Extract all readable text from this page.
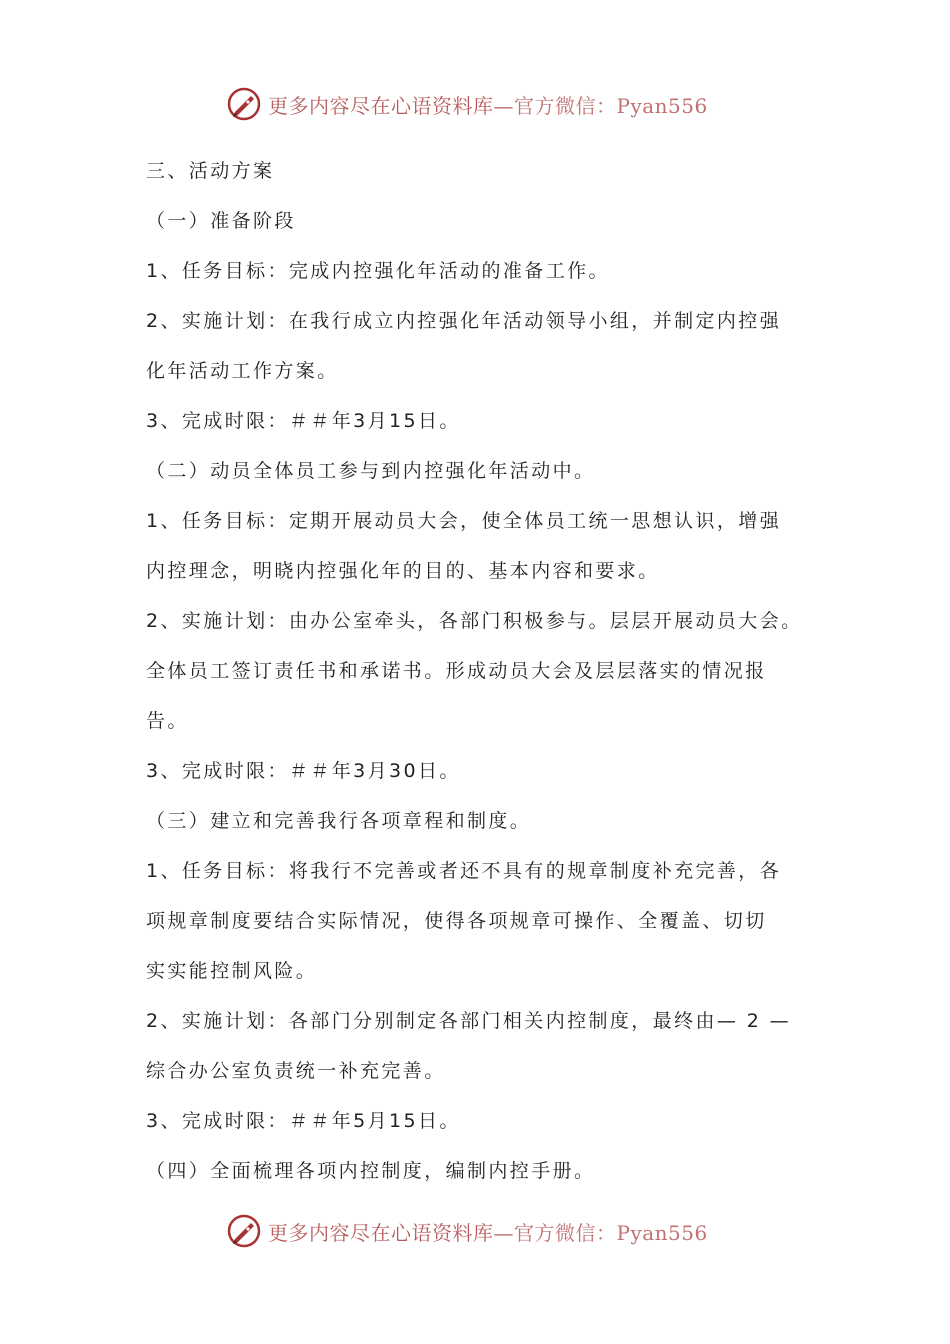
更多内容尽在心语资料库—官方微信：Pyan556
三、活动方案
（一）准备阶段
1、任务目标：完成内控强化年活动的准备工作。
2、实施计划：在我行成立内控强化年活动领导小组，并制定内控强
化年活动工作方案。
3、完成时限：＃＃年3月15日。
（二）动员全体员工参与到内控强化年活动中。
1、任务目标：定期开展动员大会，使全体员工统一思想认识，增强
内控理念，明晓内控强化年的目的、基本内容和要求。
2、实施计划：由办公室牵头，各部门积极参与。层层开展动员大会。
全体员工签订责任书和承诺书。形成动员大会及层层落实的情况报
告。
3、完成时限：＃＃年3月30日。
（三）建立和完善我行各项章程和制度。
1、任务目标：将我行不完善或者还不具有的规章制度补充完善，各
项规章制度要结合实际情况，使得各项规章可操作、全覆盖、切切
实实能控制风险。
2、实施计划：各部门分别制定各部门相关内控制度，最终由— 2 —
综合办公室负责统一补充完善。
3、完成时限：＃＃年5月15日。
（四）全面梳理各项内控制度，编制内控手册。
更多内容尽在心语资料库—官方微信：Pyan556
